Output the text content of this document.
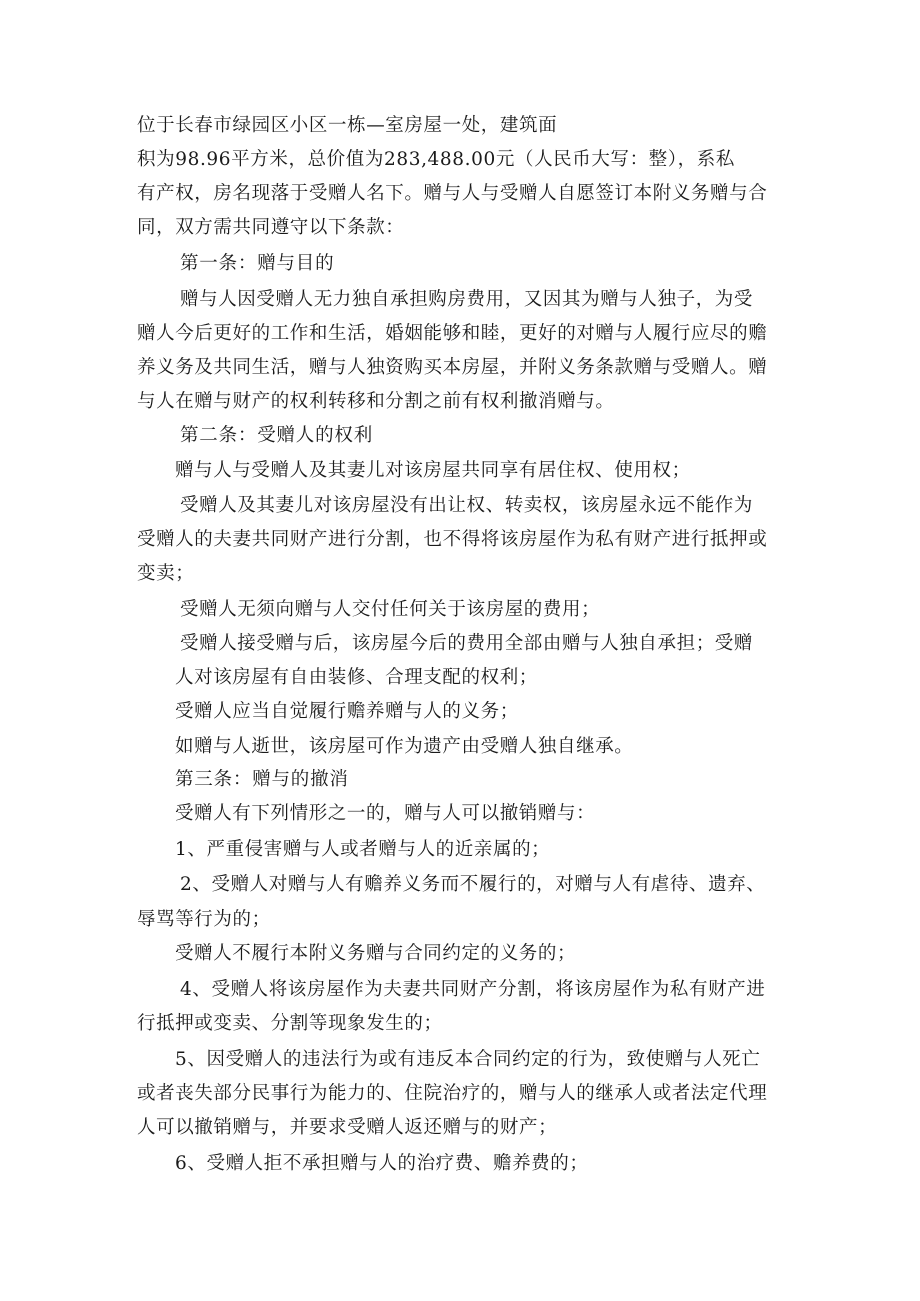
位于长春市绿园区小区一栋—室房屋一处，建筑面
积为98.96平方米，总价值为283,488.00元（人民币大写：整），系私
有产权，房名现落于受赠人名下。赠与人与受赠人自愿签订本附义务赠与合
同，双方需共同遵守以下条款：
第一条：赠与目的
赠与人因受赠人无力独自承担购房费用，又因其为赠与人独子，为受
赠人今后更好的工作和生活，婚姻能够和睦，更好的对赠与人履行应尽的赡
养义务及共同生活，赠与人独资购买本房屋，并附义务条款赠与受赠人。赠
与人在赠与财产的权利转移和分割之前有权利撤消赠与。
第二条：受赠人的权利
赠与人与受赠人及其妻儿对该房屋共同享有居住权、使用权；
受赠人及其妻儿对该房屋没有出让权、转卖权，该房屋永远不能作为
受赠人的夫妻共同财产进行分割，也不得将该房屋作为私有财产进行抵押或
变卖；
受赠人无须向赠与人交付任何关于该房屋的费用；
受赠人接受赠与后，该房屋今后的费用全部由赠与人独自承担；受赠
人对该房屋有自由装修、合理支配的权利；
受赠人应当自觉履行赡养赠与人的义务；
如赠与人逝世，该房屋可作为遗产由受赠人独自继承。
第三条：赠与的撤消
受赠人有下列情形之一的，赠与人可以撤销赠与：
1、严重侵害赠与人或者赠与人的近亲属的；
2、受赠人对赠与人有赡养义务而不履行的，对赠与人有虐待、遗弃、
辱骂等行为的；
受赠人不履行本附义务赠与合同约定的义务的；
4、受赠人将该房屋作为夫妻共同财产分割，将该房屋作为私有财产进
行抵押或变卖、分割等现象发生的；
5、因受赠人的违法行为或有违反本合同约定的行为，致使赠与人死亡
或者丧失部分民事行为能力的、住院治疗的，赠与人的继承人或者法定代理
人可以撤销赠与，并要求受赠人返还赠与的财产；
6、受赠人拒不承担赠与人的治疗费、赡养费的；
